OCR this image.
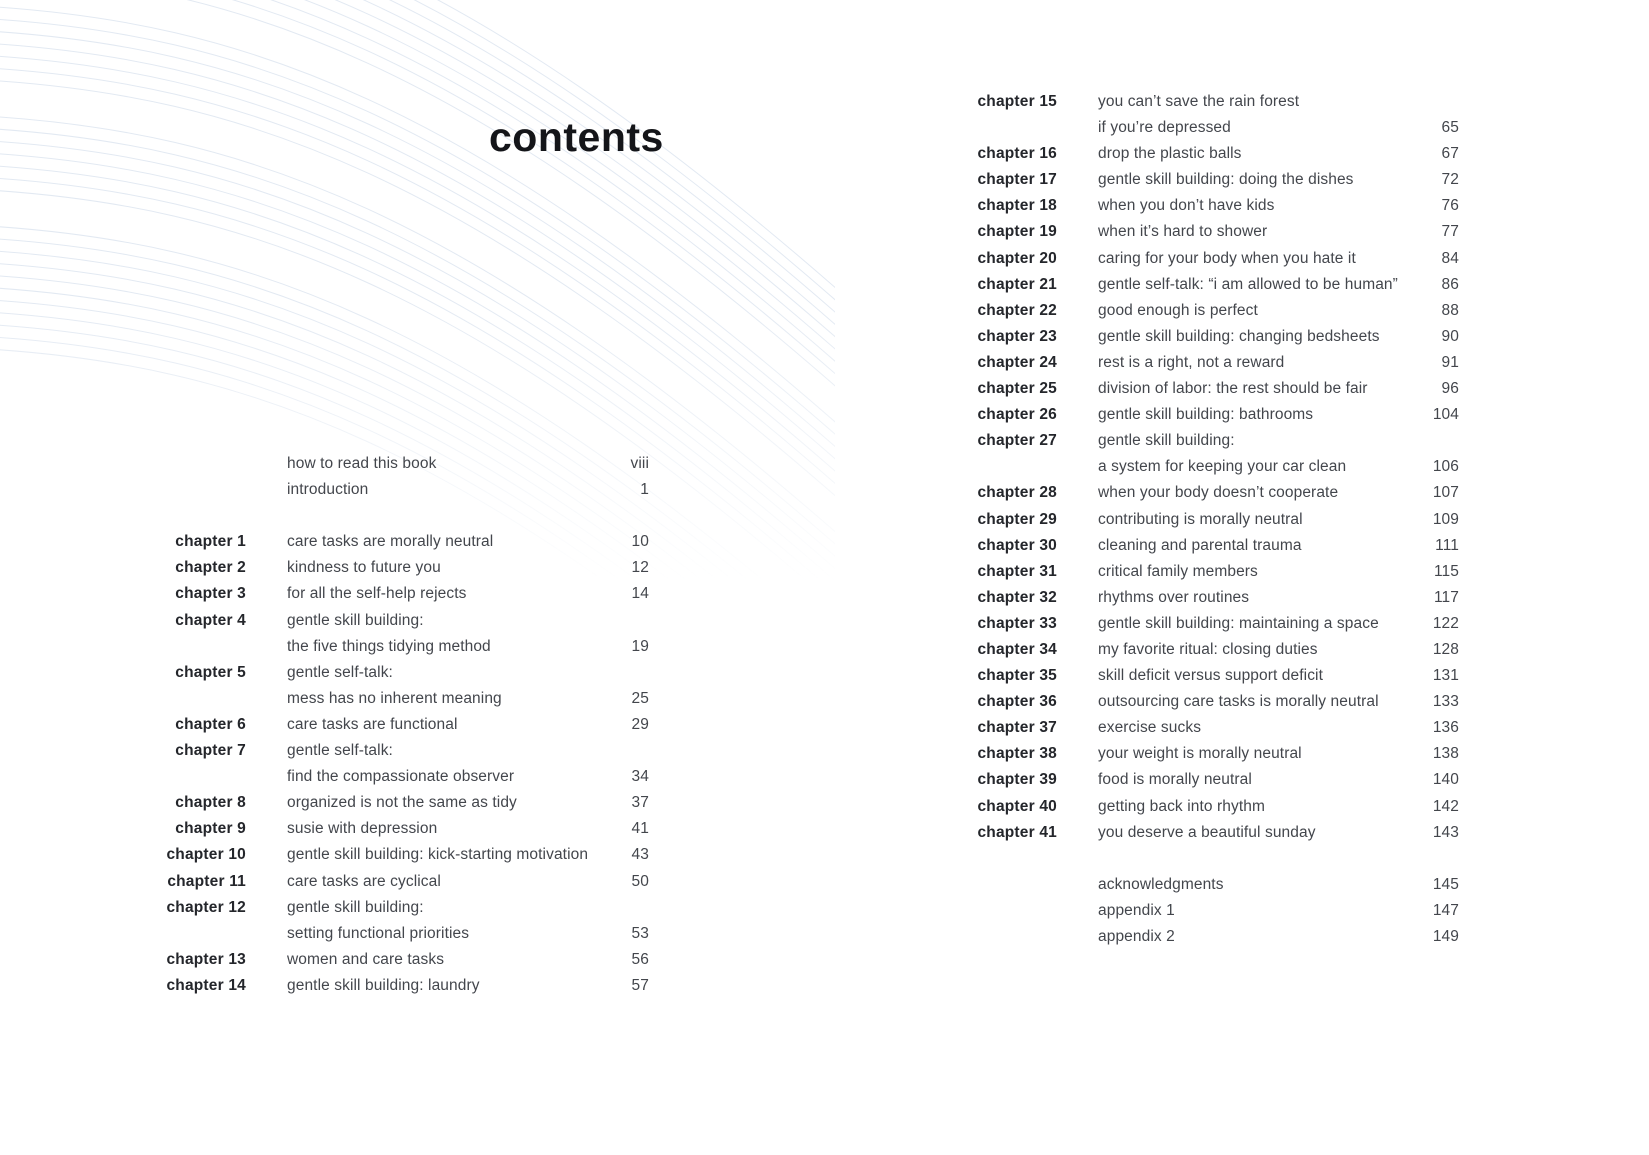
contents
how to read this book	viii
introduction	1
chapter 1	care tasks are morally neutral	10
chapter 2	kindness to future you	12
chapter 3	for all the self-help rejects	14
chapter 4	gentle skill building:
the five things tidying method	19
chapter 5	gentle self-talk:
mess has no inherent meaning	25
chapter 6	care tasks are functional	29
chapter 7	gentle self-talk:
find the compassionate observer	34
chapter 8	organized is not the same as tidy	37
chapter 9	susie with depression	41
chapter 10	gentle skill building: kick-starting motivation	43
chapter 11	care tasks are cyclical	50
chapter 12	gentle skill building:
setting functional priorities	53
chapter 13	women and care tasks	56
chapter 14	gentle skill building: laundry	57
chapter 15	you can’t save the rain forest
if you’re depressed	65
chapter 16	drop the plastic balls	67
chapter 17	gentle skill building: doing the dishes	72
chapter 18	when you don’t have kids	76
chapter 19	when it’s hard to shower	77
chapter 20	caring for your body when you hate it	84
chapter 21	gentle self-talk: “i am allowed to be human”	86
chapter 22	good enough is perfect	88
chapter 23	gentle skill building: changing bedsheets	90
chapter 24	rest is a right, not a reward	91
chapter 25	division of labor: the rest should be fair	96
chapter 26	gentle skill building: bathrooms	104
chapter 27	gentle skill building:
a system for keeping your car clean	106
chapter 28	when your body doesn’t cooperate	107
chapter 29	contributing is morally neutral	109
chapter 30	cleaning and parental trauma	111
chapter 31	critical family members	115
chapter 32	rhythms over routines	117
chapter 33	gentle skill building: maintaining a space	122
chapter 34	my favorite ritual: closing duties	128
chapter 35	skill deficit versus support deficit	131
chapter 36	outsourcing care tasks is morally neutral	133
chapter 37	exercise sucks	136
chapter 38	your weight is morally neutral	138
chapter 39	food is morally neutral	140
chapter 40	getting back into rhythm	142
chapter 41	you deserve a beautiful sunday	143
acknowledgments	145
appendix 1	147
appendix 2	149
